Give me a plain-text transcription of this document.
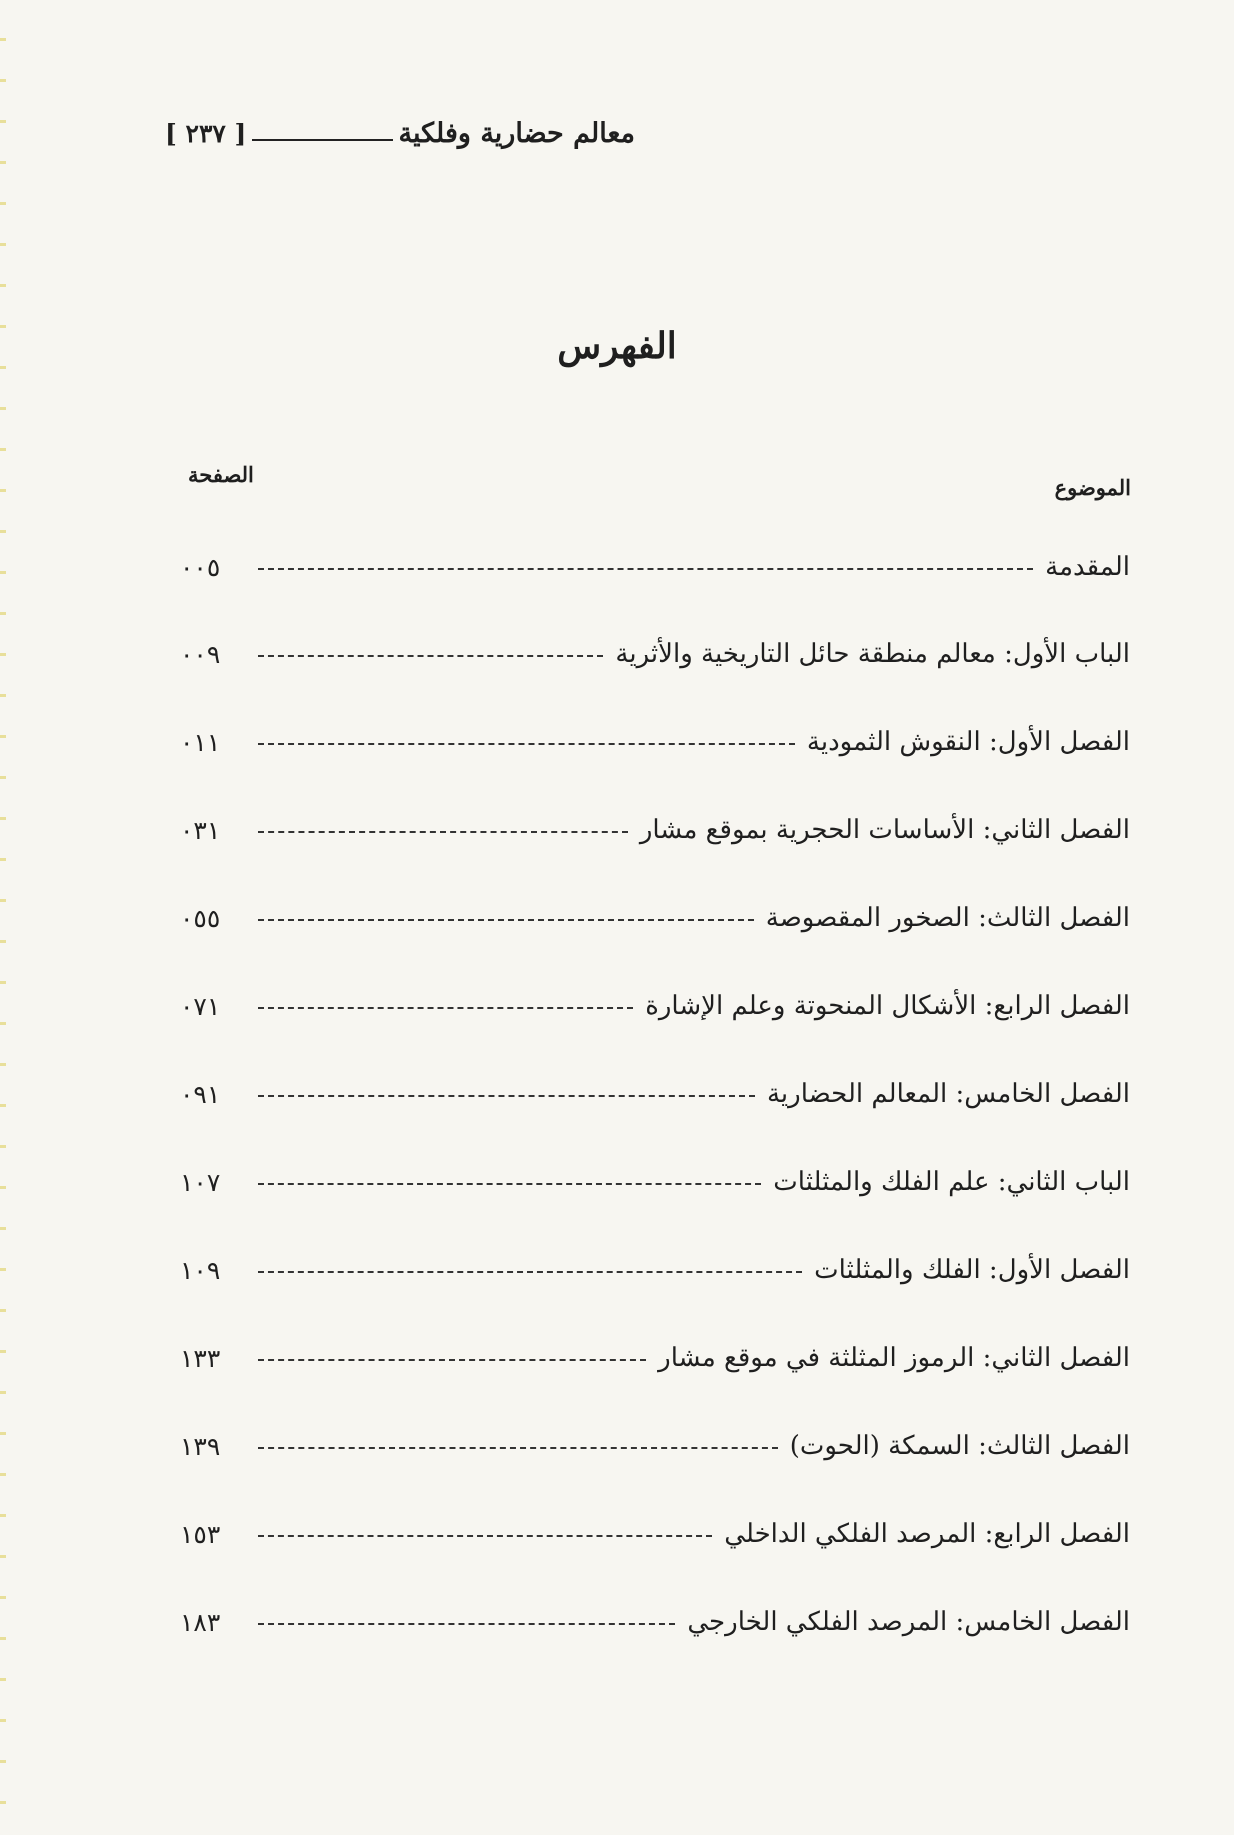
معالم حضارية وفلكية
[ ٢٣٧ ]
الفهرس
الموضوع
الصفحة
المقدمة
٠٠٥
الباب الأول: معالم منطقة حائل التاريخية والأثرية
٠٠٩
الفصل الأول: النقوش الثمودية
٠١١
الفصل الثاني: الأساسات الحجرية بموقع مشار
٠٣١
الفصل الثالث: الصخور المقصوصة
٠٥٥
الفصل الرابع: الأشكال المنحوتة وعلم الإشارة
٠٧١
الفصل الخامس: المعالم الحضارية
٠٩١
الباب الثاني: علم الفلك والمثلثات
١٠٧
الفصل الأول: الفلك والمثلثات
١٠٩
الفصل الثاني: الرموز المثلثة في موقع مشار
١٣٣
الفصل الثالث: السمكة (الحوت)
١٣٩
الفصل الرابع: المرصد الفلكي الداخلي
١٥٣
الفصل الخامس: المرصد الفلكي الخارجي
١٨٣
